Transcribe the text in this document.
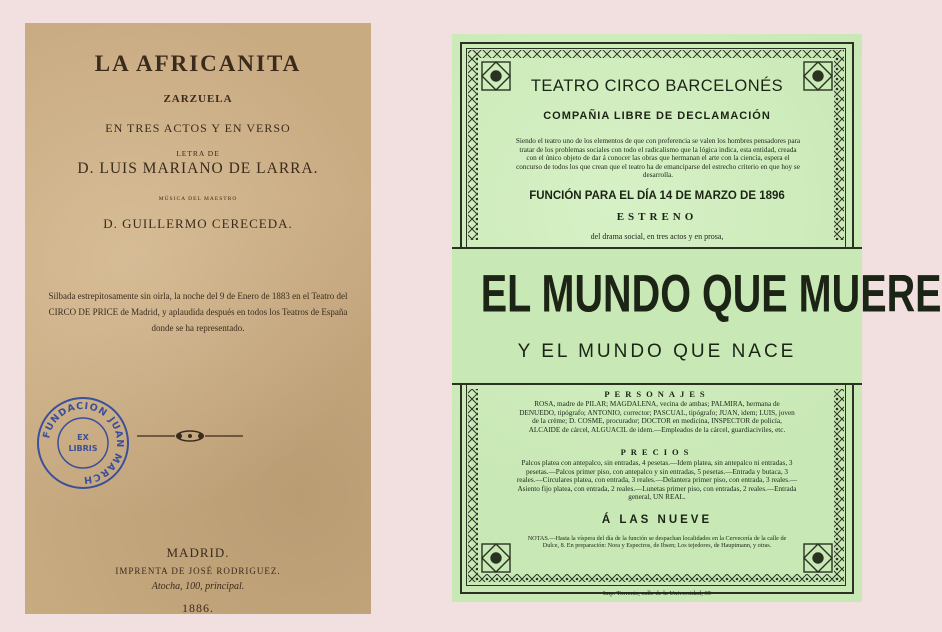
LA AFRICANITA
ZARZUELA
EN TRES ACTOS Y EN VERSO
LETRA DE
D. LUIS MARIANO DE LARRA.
MÚSICA DEL MAESTRO
D. GUILLERMO CERECEDA.
Silbada estrepitosamente sin oirla, la noche del 9 de Enero de 1883 en el Teatro del CIRCO DE PRICE de Madrid, y aplaudida después en todos los Teatros de España donde se ha representado.
FUNDACION JUAN MARCH
EX
LIBRIS
MADRID.
IMPRENTA DE JOSÉ RODRIGUEZ.
Atocha, 100, principal.
1886.
TEATRO CIRCO BARCELONÉS
COMPAÑIA LIBRE DE DECLAMACIÓN
Siendo el teatro uno de los elementos de que con preferencia se valen los hombres pensadores para tratar de los problemas sociales con todo el radicalismo que la lógica indica, esta entidad, creada con el único objeto de dar á conocer las obras que hermanan el arte con la ciencia, espera el concurso de todos los que crean que el teatro ha de emanciparse del estrecho criterio en que hoy se desarrolla.
FUNCIÓN PARA EL DÍA 14 DE MARZO DE 1896
ESTRENO
del drama social, en tres actos y en prosa,
EL MUNDO QUE MUERE
Y EL MUNDO QUE NACE
PERSONAJES
ROSA, madre de PILAR; MAGDALENA, vecina de ambas; PALMIRA, hermana de DENUEDO, tipógrafo; ANTONIO, corrector; PASCUAL, tipógrafo; JUAN, idem; LUIS, joven de la crème; D. COSME, procurador; DOCTOR en medicina, INSPECTOR de policía, ALCAIDE de cárcel, ALGUACIL de idem.—Empleados de la cárcel, guardiaciviles, etc.
PRECIOS
Palcos platea con antepalco, sin entradas, 4 pesetas.—Idem platea, sin antepalco ni entradas, 3 pesetas.—Palcos primer piso, con antepalco y sin entradas, 5 pesetas.—Entrada y butaca, 3 reales.—Circulares platea, con entrada, 3 reales.—Delantera primer piso, con entrada, 3 reales.—Asiento fijo platea, con entrada, 2 reales.—Lunetas primer piso, con entradas, 2 reales.—Entrada general, UN REAL.
Á LAS NUEVE
NOTAS.—Hasta la víspera del día de la función se despachan localidades en la Cervecería de la calle de Dulce, 8. En preparación: Nora y Espectros, de Ibsen; Los tejedores, de Hauptmann, y otras.
Imp. Torrents, calle de la Universidad, 35
